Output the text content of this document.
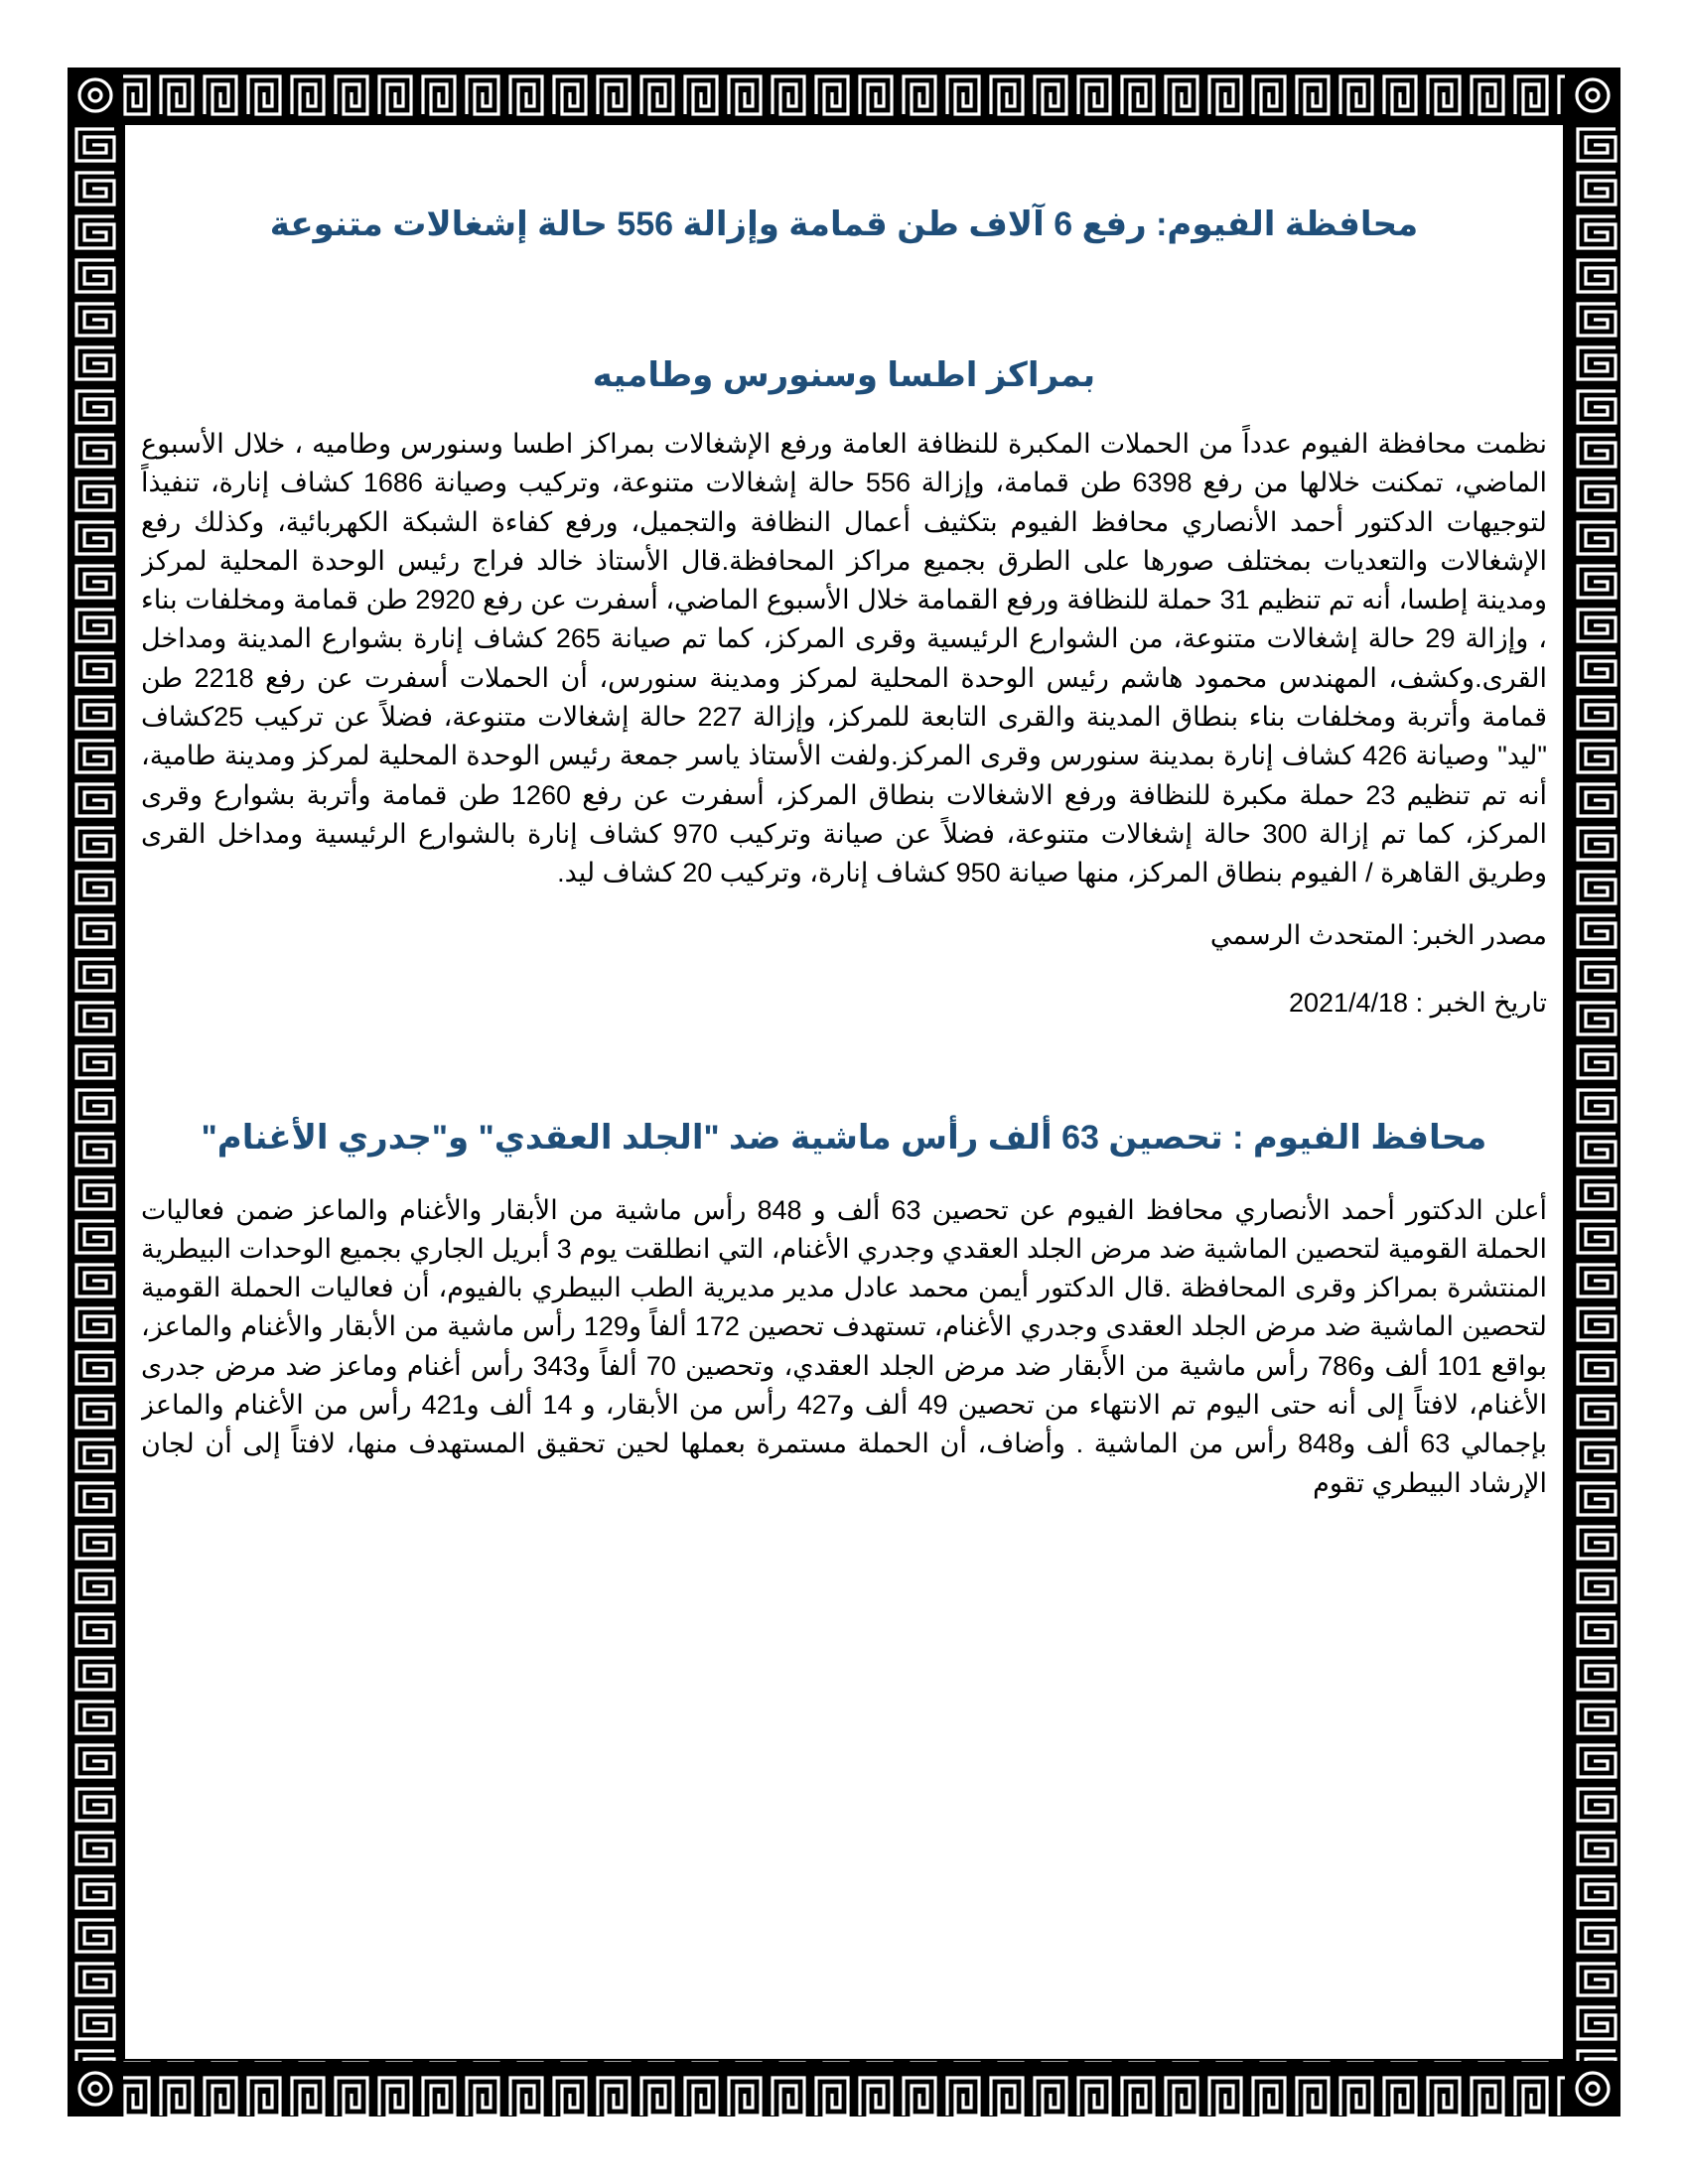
محافظة الفيوم: رفع 6 آلاف طن قمامة وإزالة 556 حالة إشغالات متنوعة
بمراكز اطسا وسنورس وطاميه

نظمت محافظة الفيوم عدداً من الحملات المكبرة للنظافة العامة ورفع الإشغالات بمراكز اطسا وسنورس وطاميه ، خلال الأسبوع الماضي، تمكنت خلالها من رفع 6398 طن قمامة، وإزالة 556 حالة إشغالات متنوعة، وتركيب وصيانة 1686 كشاف إنارة، تنفيذاً لتوجيهات الدكتور أحمد الأنصاري محافظ الفيوم بتكثيف أعمال النظافة والتجميل، ورفع كفاءة الشبكة الكهربائية، وكذلك رفع الإشغالات والتعديات بمختلف صورها على الطرق بجميع مراكز المحافظة.قال الأستاذ خالد فراج رئيس الوحدة المحلية لمركز ومدينة إطسا، أنه تم تنظيم 31 حملة للنظافة ورفع القمامة خلال الأسبوع الماضي، أسفرت عن رفع 2920 طن قمامة ومخلفات بناء ، وإزالة 29 حالة إشغالات متنوعة، من الشوارع الرئيسية وقرى المركز، كما تم صيانة 265 كشاف إنارة بشوارع المدينة ومداخل القرى.وكشف، المهندس محمود هاشم رئيس الوحدة المحلية لمركز ومدينة سنورس، أن الحملات أسفرت عن رفع 2218 طن قمامة وأتربة ومخلفات بناء بنطاق المدينة والقرى التابعة للمركز، وإزالة 227 حالة إشغالات متنوعة، فضلاً عن تركيب 25كشاف "ليد" وصيانة 426 كشاف إنارة بمدينة سنورس وقرى المركز.ولفت الأستاذ ياسر جمعة رئيس الوحدة المحلية لمركز ومدينة طامية، أنه تم تنظيم 23 حملة مكبرة للنظافة ورفع الاشغالات بنطاق المركز، أسفرت عن رفع 1260 طن قمامة وأتربة بشوارع وقرى المركز، كما تم إزالة 300 حالة إشغالات متنوعة، فضلاً عن صيانة وتركيب 970 كشاف إنارة بالشوارع الرئيسية ومداخل القرى وطريق القاهرة / الفيوم بنطاق المركز، منها صيانة 950 كشاف إنارة، وتركيب 20 كشاف ليد.

مصدر الخبر: المتحدث الرسمي

تاريخ الخبر : 2021/4/18

محافظ الفيوم : تحصين 63 ألف رأس ماشية ضد "الجلد العقدي" و"جدري الأغنام"

أعلن الدكتور أحمد الأنصاري محافظ الفيوم عن تحصين 63 ألف و 848 رأس ماشية من الأبقار والأغنام والماعز ضمن فعاليات الحملة القومية لتحصين الماشية ضد مرض الجلد العقدي وجدري الأغنام، التي انطلقت يوم 3 أبريل الجاري بجميع الوحدات البيطرية المنتشرة بمراكز وقرى المحافظة .قال الدكتور أيمن محمد عادل مدير مديرية الطب البيطري بالفيوم، أن فعاليات الحملة القومية لتحصين الماشية ضد مرض الجلد العقدى وجدري الأغنام، تستهدف تحصين 172 ألفاً و129 رأس ماشية من الأبقار والأغنام والماعز، بواقع 101 ألف و786 رأس ماشية من الأَبقار ضد مرض الجلد العقدي، وتحصين 70 ألفاً و343 رأس أغنام وماعز ضد مرض جدرى الأغنام، لافتاً إلى أنه حتى اليوم تم الانتهاء من تحصين 49 ألف و427 رأس من الأبقار، و 14 ألف و421 رأس من الأغنام والماعز بإجمالي 63 ألف و848 رأس من الماشية . وأضاف، أن الحملة مستمرة بعملها لحين تحقيق المستهدف منها، لافتاً إلى أن لجان الإرشاد البيطري تقوم
